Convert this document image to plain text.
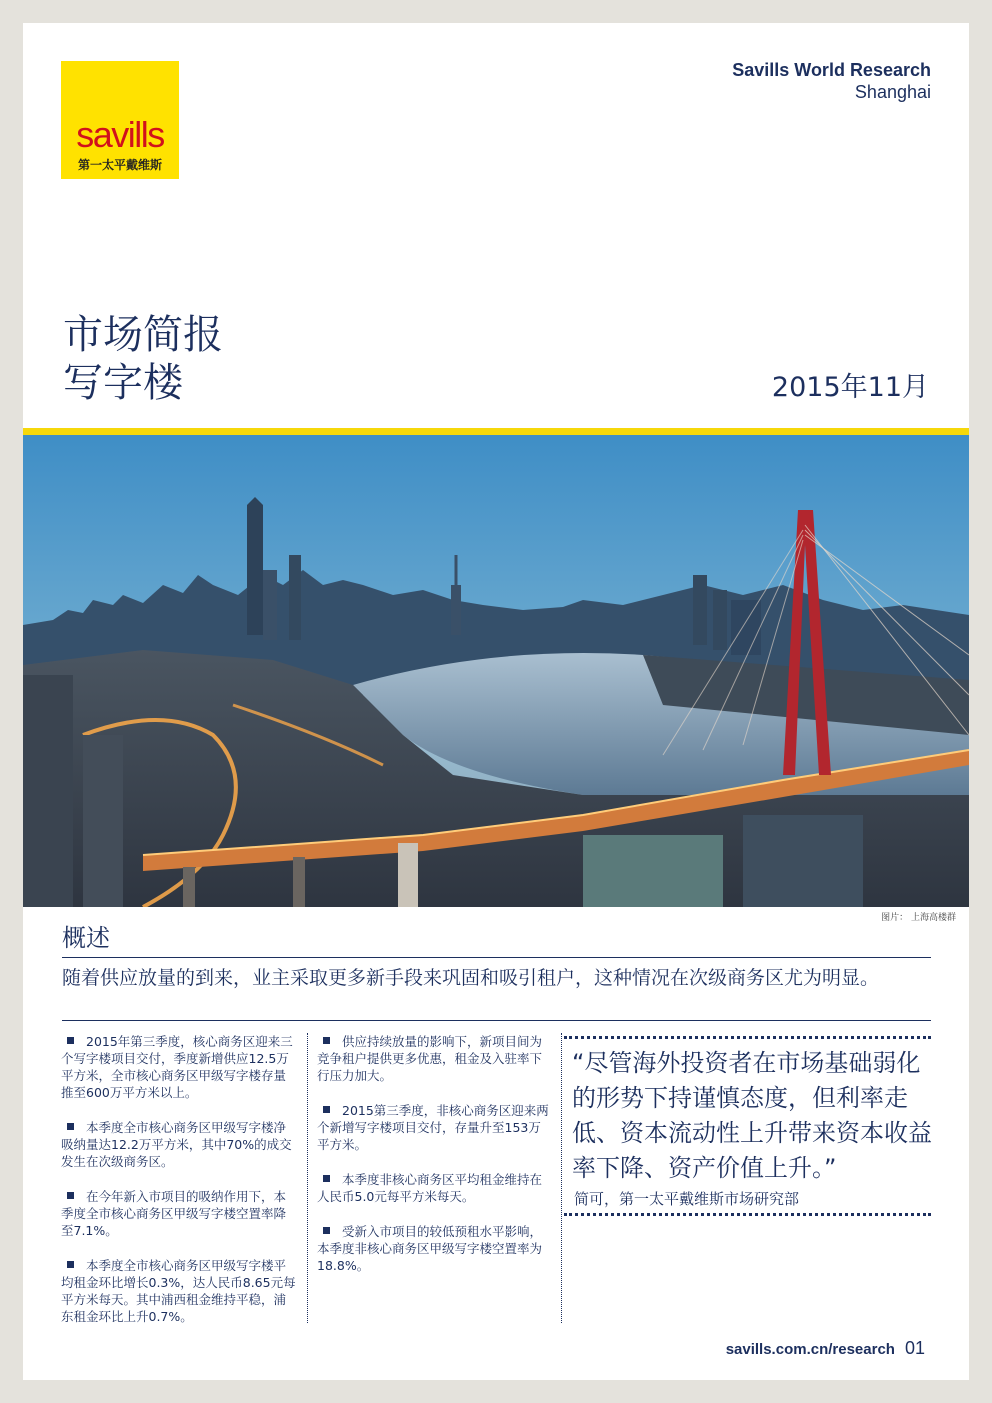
savills
第一太平戴维斯
Savills World Research
Shanghai
市场简报
写字楼	2015年11月
图片： 上海高楼群
概述
随着供应放量的到来，业主采取更多新手段来巩固和吸引租户，这种情况在次级商务区尤为明显。

2015年第三季度，核心商务区迎来三个写字楼项目交付，季度新增供应12.5万平方米，全市核心商务区甲级写字楼存量推至600万平方米以上。

本季度全市核心商务区甲级写字楼净吸纳量达12.2万平方米，其中70%的成交发生在次级商务区。

在今年新入市项目的吸纳作用下，本季度全市核心商务区甲级写字楼空置率降至7.1%。

本季度全市核心商务区甲级写字楼平均租金环比增长0.3%，达人民币8.65元每平方米每天。其中浦西租金维持平稳，浦东租金环比上升0.7%。

供应持续放量的影响下，新项目间为竞争租户提供更多优惠，租金及入驻率下行压力加大。

2015第三季度，非核心商务区迎来两个新增写字楼项目交付，存量升至153万平方米。

本季度非核心商务区平均租金维持在人民币5.0元每平方米每天。

受新入市项目的较低预租水平影响，本季度非核心商务区甲级写字楼空置率为18.8%。

“尽管海外投资者在市场基础弱化的形势下持谨慎态度，但利率走低、资本流动性上升带来资本收益率下降、资产价值上升。”
简可，第一太平戴维斯市场研究部
savills.com.cn/research 01
